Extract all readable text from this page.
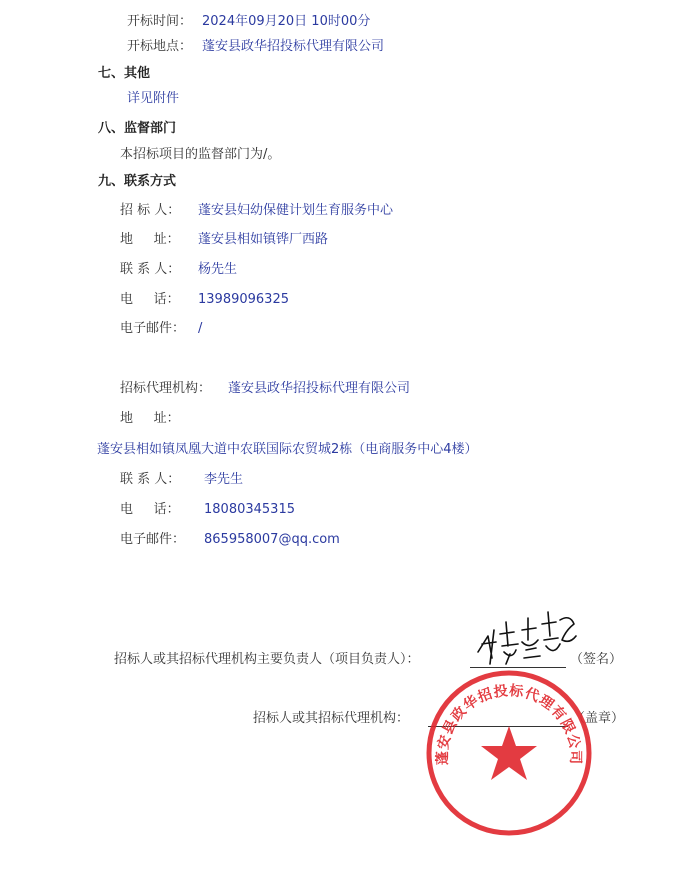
开标时间： 2024年09月20日 10时00分
开标地点： 蓬安县政华招投标代理有限公司
七、其他
详见附件
八、监督部门
本招标项目的监督部门为/。
九、联系方式
招 标 人： 蓬安县妇幼保健计划生育服务中心
地     址： 蓬安县相如镇铧厂西路
联 系 人： 杨先生
电     话： 13989096325
电子邮件： /
招标代理机构： 蓬安县政华招投标代理有限公司
地     址：
蓬安县相如镇凤凰大道中农联国际农贸城2栋（电商服务中心4楼）
联 系 人： 李先生
电     话： 18080345315
电子邮件： 865958007@qq.com
招标人或其招标代理机构主要负责人（项目负责人）：	（签名）
招标人或其招标代理机构：	（盖章）
蓬安县政华招投标代理有限公司
